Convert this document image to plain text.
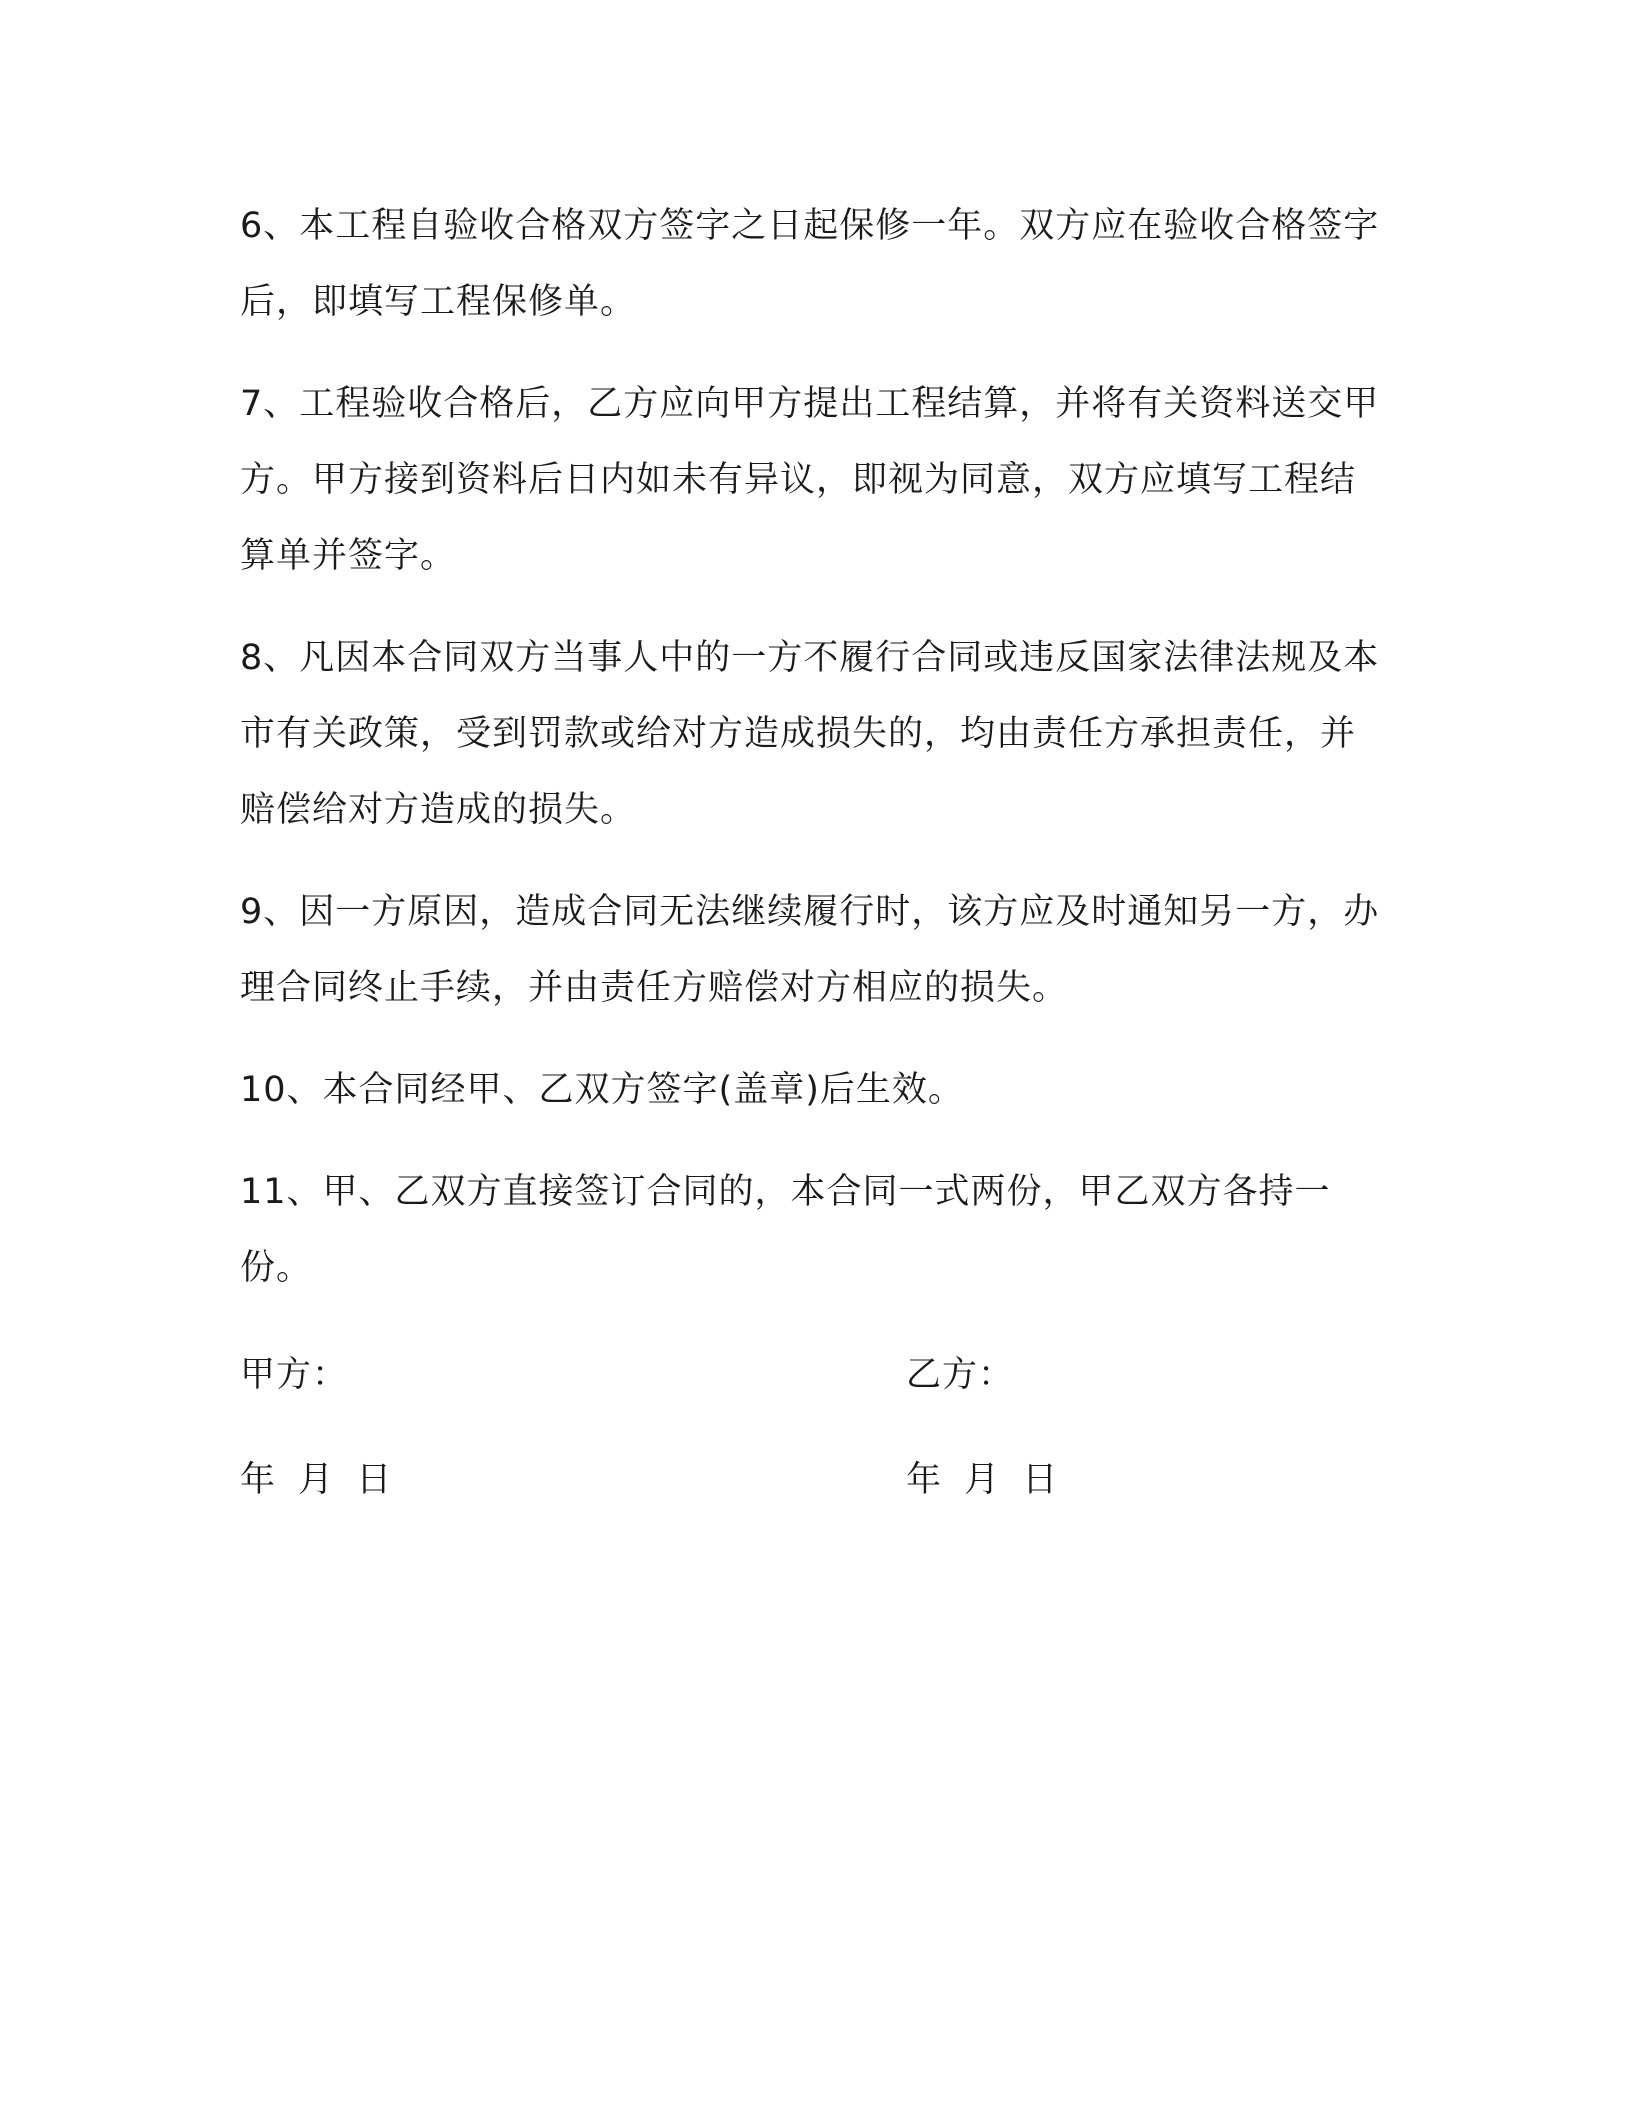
6、本工程自验收合格双方签字之日起保修一年。双方应在验收合格签字后，即填写工程保修单。

7、工程验收合格后，乙方应向甲方提出工程结算，并将有关资料送交甲方。甲方接到资料后日内如未有异议，即视为同意，双方应填写工程结算单并签字。

8、凡因本合同双方当事人中的一方不履行合同或违反国家法律法规及本市有关政策，受到罚款或给对方造成损失的，均由责任方承担责任，并赔偿给对方造成的损失。

9、因一方原因，造成合同无法继续履行时，该方应及时通知另一方，办理合同终止手续，并由责任方赔偿对方相应的损失。

10、本合同经甲、乙双方签字(盖章)后生效。

11、甲、乙双方直接签订合同的，本合同一式两份，甲乙双方各持一份。

甲方：	乙方：
年 月 日	年 月 日
